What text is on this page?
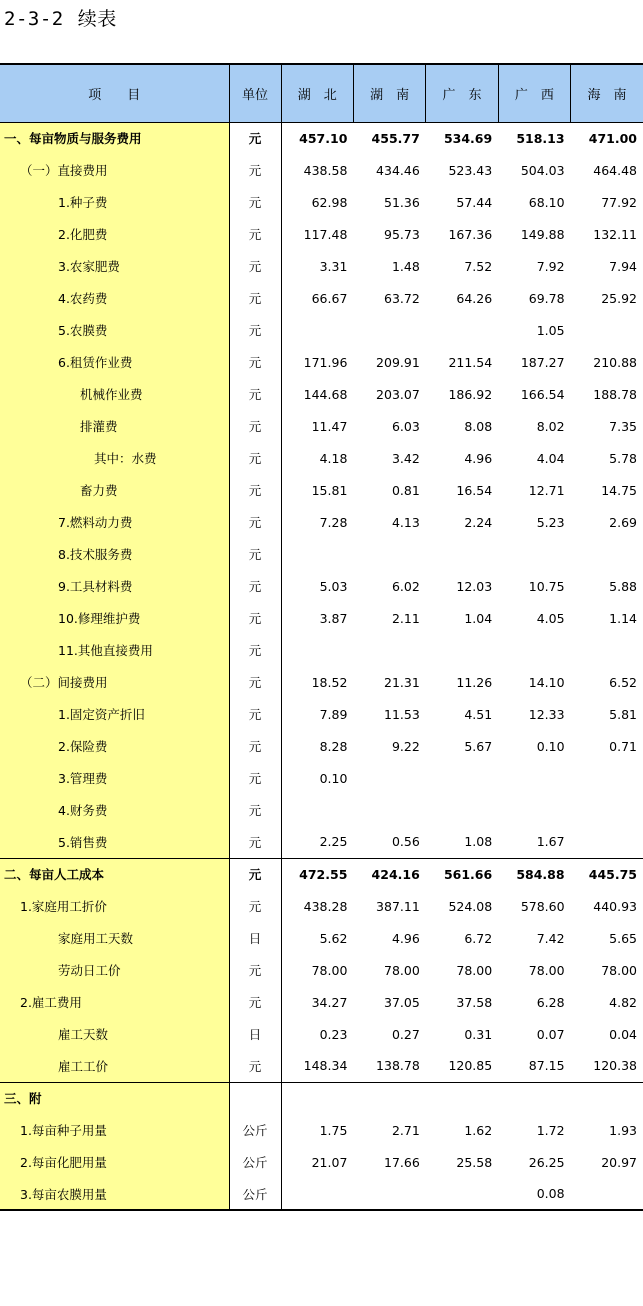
2-3-2 续表
项　　目	单位	湖　北	湖　南	广　东	广　西	海　南
一、每亩物质与服务费用	元	457.10	455.77	534.69	518.13	471.00
（一）直接费用	元	438.58	434.46	523.43	504.03	464.48
1.种子费	元	62.98	51.36	57.44	68.10	77.92
2.化肥费	元	117.48	95.73	167.36	149.88	132.11
3.农家肥费	元	3.31	1.48	7.52	7.92	7.94
4.农药费	元	66.67	63.72	64.26	69.78	25.92
5.农膜费	元				1.05	
6.租赁作业费	元	171.96	209.91	211.54	187.27	210.88
机械作业费	元	144.68	203.07	186.92	166.54	188.78
排灌费	元	11.47	6.03	8.08	8.02	7.35
其中：水费	元	4.18	3.42	4.96	4.04	5.78
畜力费	元	15.81	0.81	16.54	12.71	14.75
7.燃料动力费	元	7.28	4.13	2.24	5.23	2.69
8.技术服务费	元					
9.工具材料费	元	5.03	6.02	12.03	10.75	5.88
10.修理维护费	元	3.87	2.11	1.04	4.05	1.14
11.其他直接费用	元					
（二）间接费用	元	18.52	21.31	11.26	14.10	6.52
1.固定资产折旧	元	7.89	11.53	4.51	12.33	5.81
2.保险费	元	8.28	9.22	5.67	0.10	0.71
3.管理费	元	0.10				
4.财务费	元					
5.销售费	元	2.25	0.56	1.08	1.67	
二、每亩人工成本	元	472.55	424.16	561.66	584.88	445.75
1.家庭用工折价	元	438.28	387.11	524.08	578.60	440.93
家庭用工天数	日	5.62	4.96	6.72	7.42	5.65
劳动日工价	元	78.00	78.00	78.00	78.00	78.00
2.雇工费用	元	34.27	37.05	37.58	6.28	4.82
雇工天数	日	0.23	0.27	0.31	0.07	0.04
雇工工价	元	148.34	138.78	120.85	87.15	120.38
三、附						
1.每亩种子用量	公斤	1.75	2.71	1.62	1.72	1.93
2.每亩化肥用量	公斤	21.07	17.66	25.58	26.25	20.97
3.每亩农膜用量	公斤				0.08	
